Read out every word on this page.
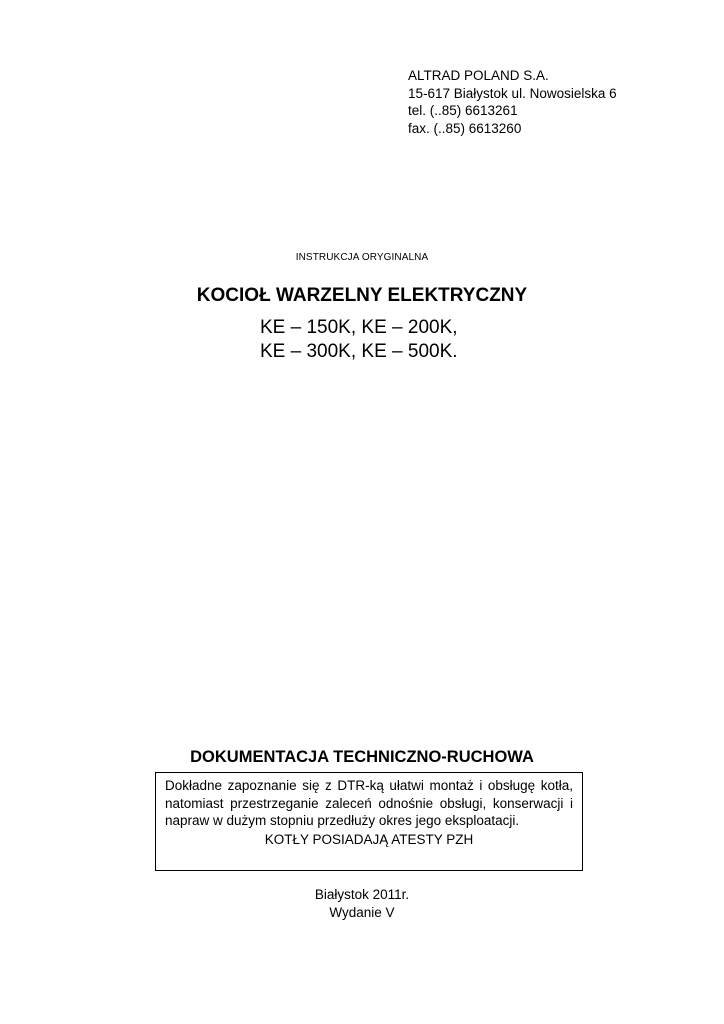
ALTRAD POLAND S.A.
15-617 Białystok ul. Nowosielska 6
tel. (..85) 6613261
fax. (..85) 6613260
INSTRUKCJA ORYGINALNA
KOCIOŁ WARZELNY ELEKTRYCZNY
KE – 150K, KE – 200K,
KE – 300K, KE – 500K.
DOKUMENTACJA TECHNICZNO-RUCHOWA
Dokładne zapoznanie się z DTR-ką ułatwi montaż i obsługę kotła, natomiast przestrzeganie zaleceń odnośnie obsługi, konserwacji i napraw w dużym stopniu przedłuży okres jego eksploatacji.
KOTŁY POSIADAJĄ ATESTY PZH
Białystok 2011r.
Wydanie V
